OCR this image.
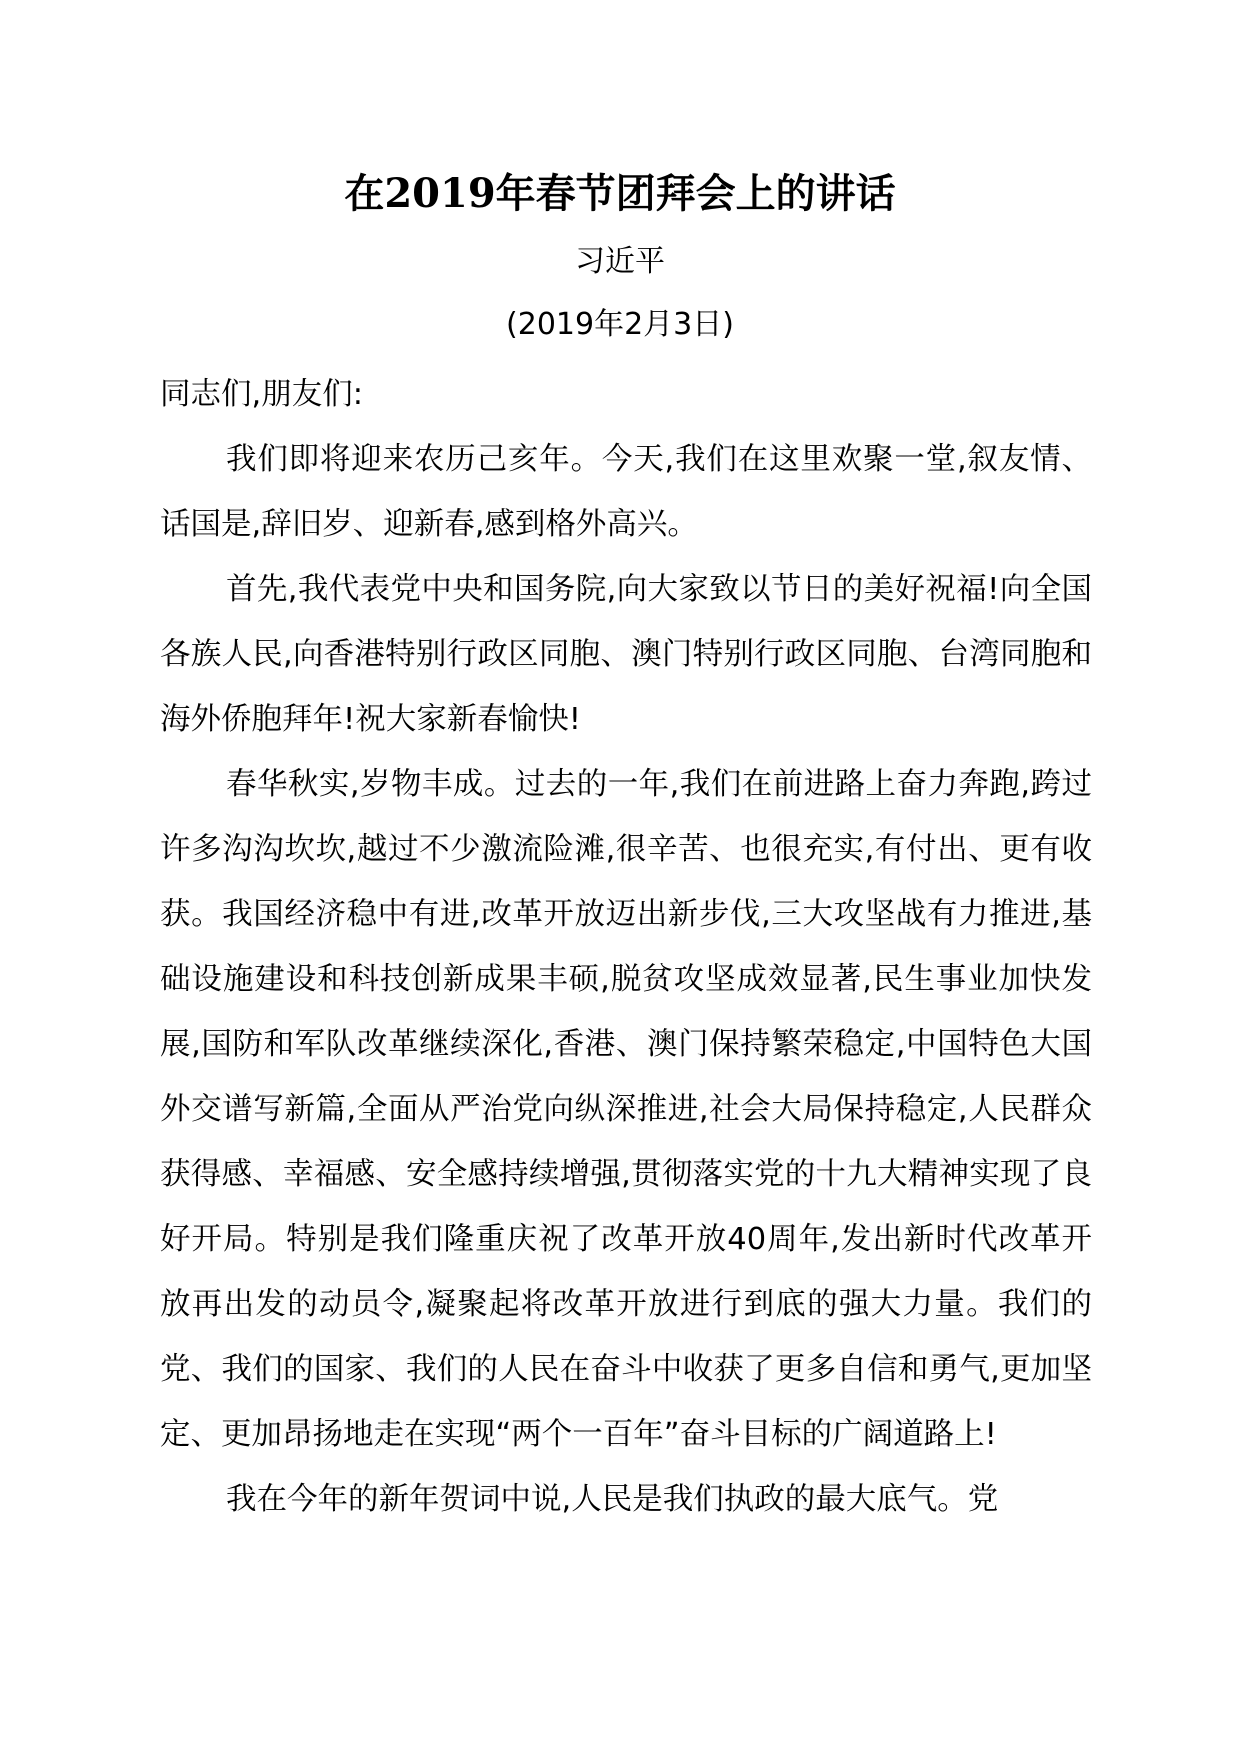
在2019年春节团拜会上的讲话
习近平
(2019年2月3日)

同志们,朋友们:

我们即将迎来农历己亥年。今天,我们在这里欢聚一堂,叙友情、话国是,辞旧岁、迎新春,感到格外高兴。

首先,我代表党中央和国务院,向大家致以节日的美好祝福!向全国各族人民,向香港特别行政区同胞、澳门特别行政区同胞、台湾同胞和海外侨胞拜年!祝大家新春愉快!

春华秋实,岁物丰成。过去的一年,我们在前进路上奋力奔跑,跨过许多沟沟坎坎,越过不少激流险滩,很辛苦、也很充实,有付出、更有收获。我国经济稳中有进,改革开放迈出新步伐,三大攻坚战有力推进,基础设施建设和科技创新成果丰硕,脱贫攻坚成效显著,民生事业加快发展,国防和军队改革继续深化,香港、澳门保持繁荣稳定,中国特色大国外交谱写新篇,全面从严治党向纵深推进,社会大局保持稳定,人民群众获得感、幸福感、安全感持续增强,贯彻落实党的十九大精神实现了良好开局。特别是我们隆重庆祝了改革开放40周年,发出新时代改革开放再出发的动员令,凝聚起将改革开放进行到底的强大力量。我们的党、我们的国家、我们的人民在奋斗中收获了更多自信和勇气,更加坚定、更加昂扬地走在实现“两个一百年”奋斗目标的广阔道路上!

我在今年的新年贺词中说,人民是我们执政的最大底气。党
